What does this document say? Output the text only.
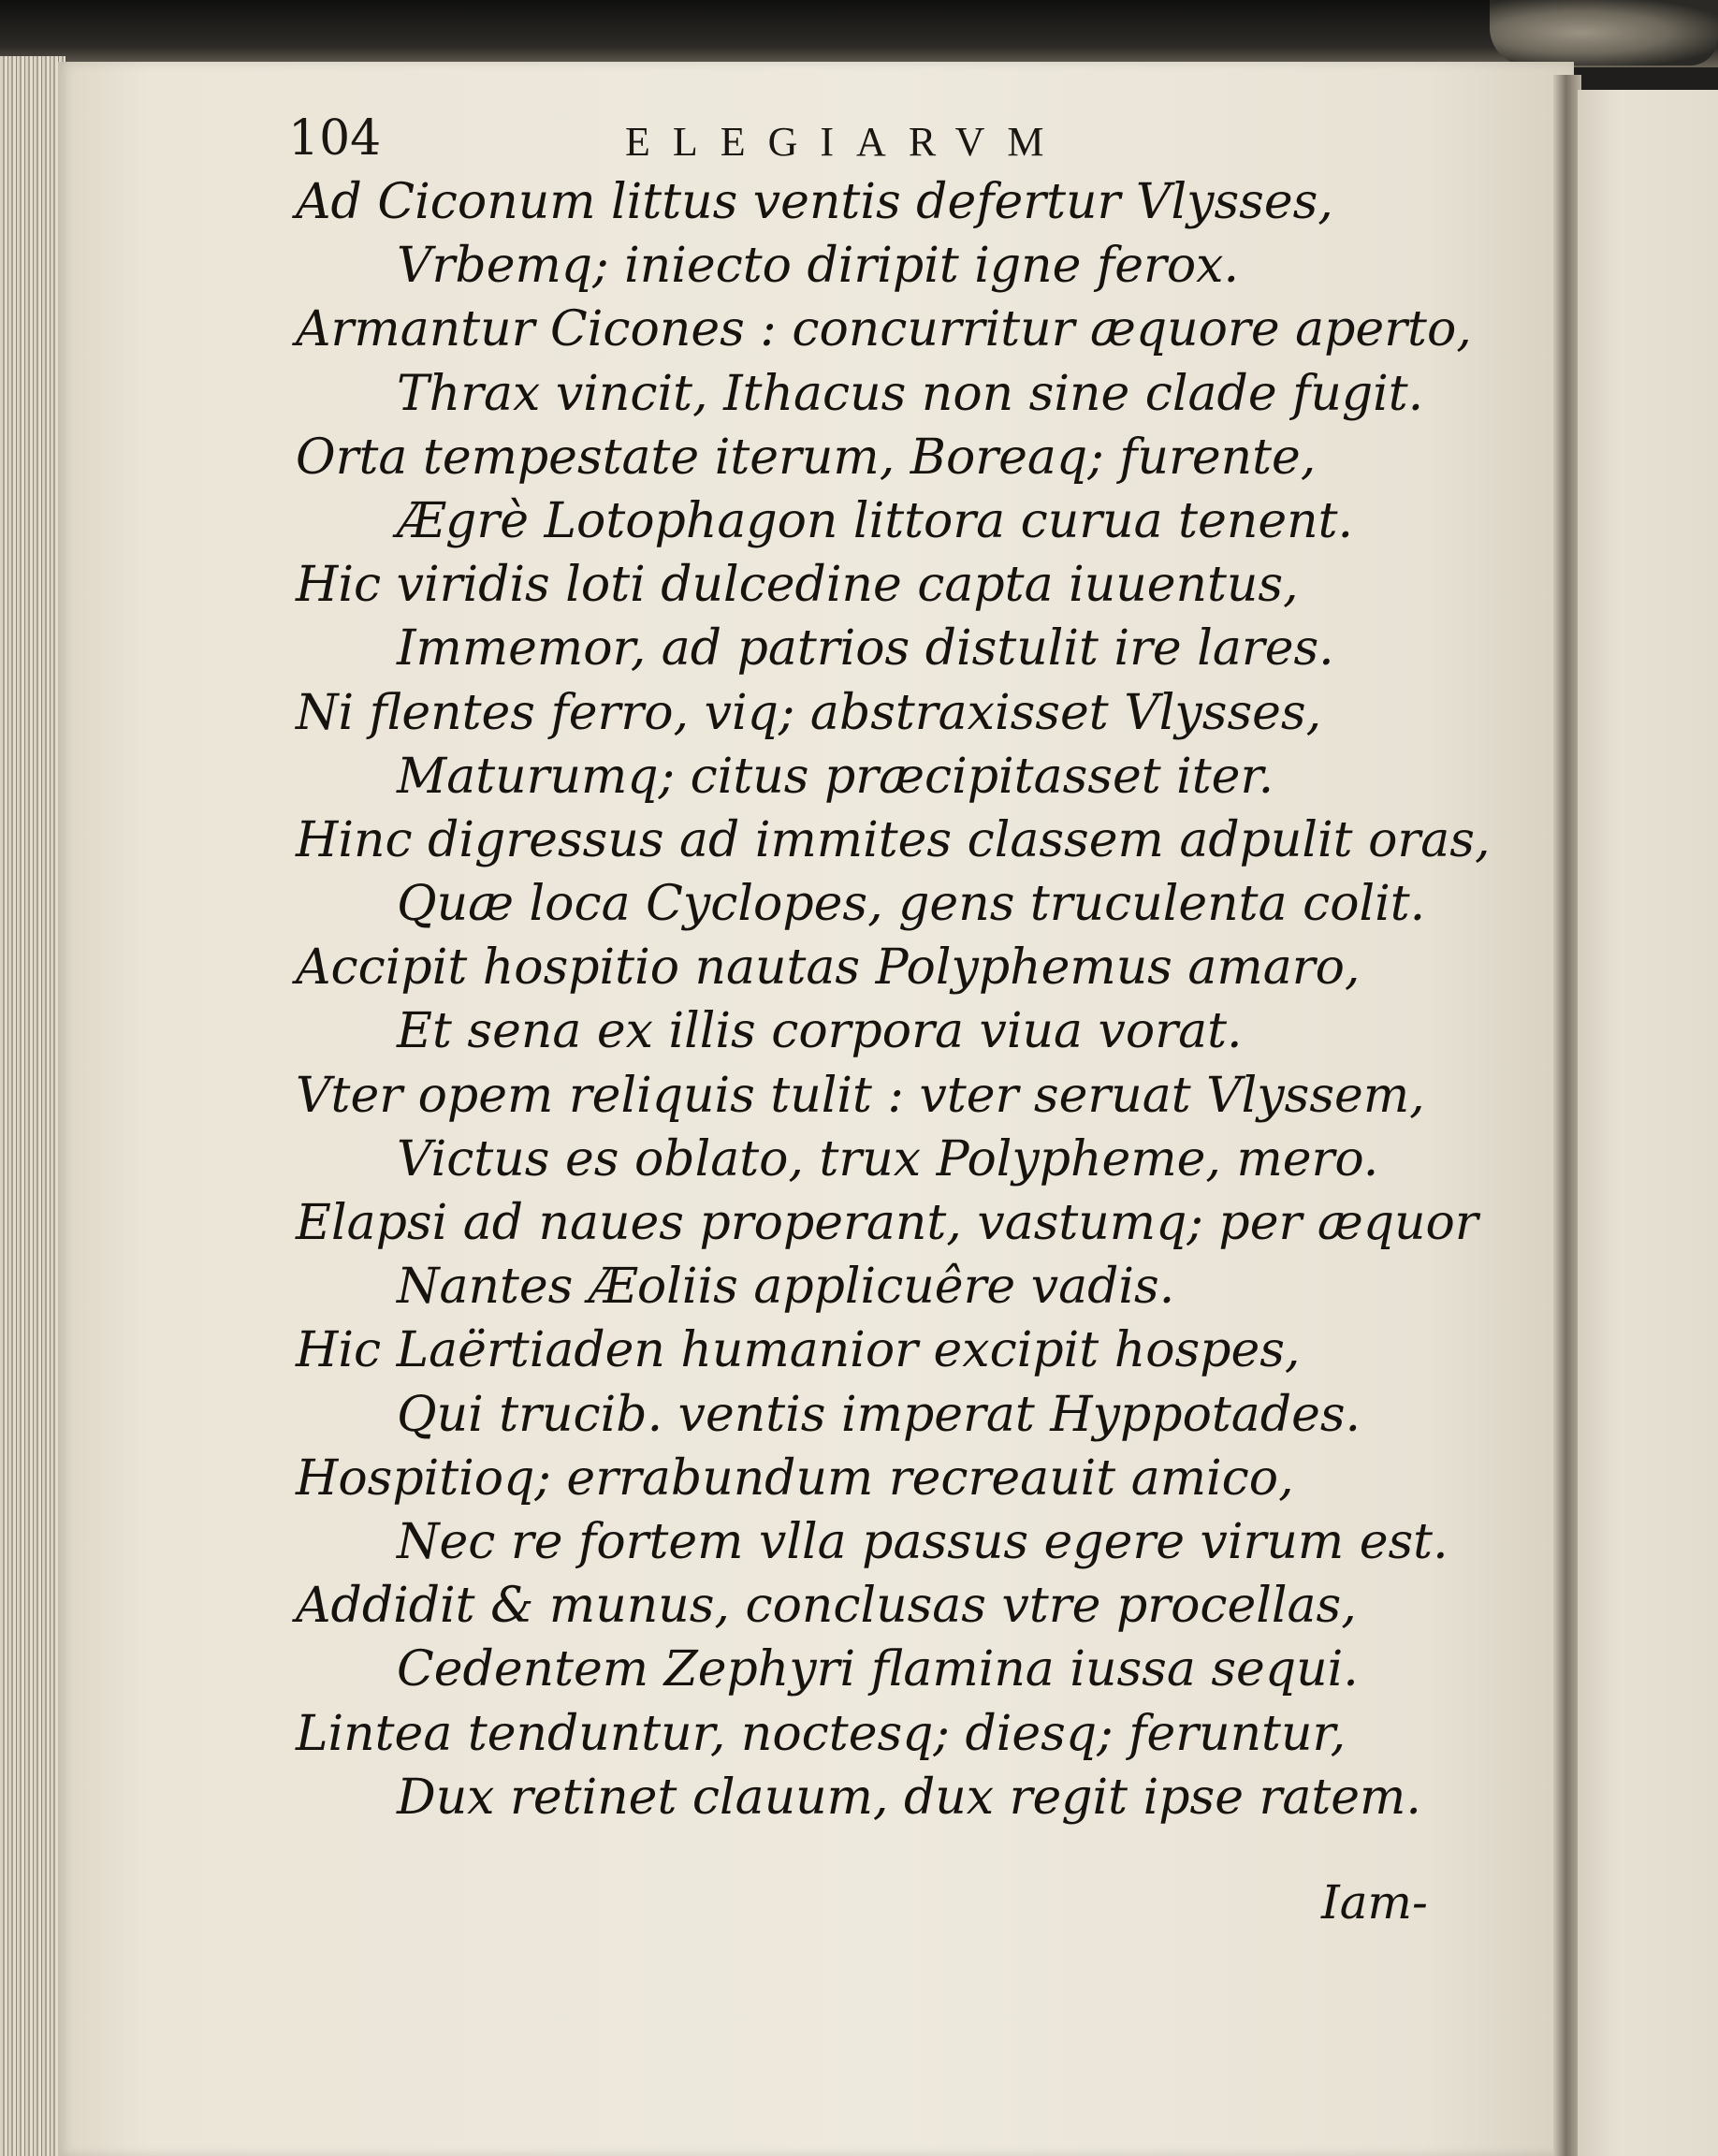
104	ELEGIARVM
Ad Ciconum littus ventis defertur Vlysses,
Vrbemq; iniecto diripit igne ferox.
Armantur Cicones : concurritur æquore aperto,
Thrax vincit, Ithacus non sine clade fugit.
Orta tempestate iterum, Boreaq; furente,
Ægrè Lotophagon littora curua tenent.
Hic viridis loti dulcedine capta iuuentus,
Immemor, ad patrios distulit ire lares.
Ni flentes ferro, viq; abstraxisset Vlysses,
Maturumq; citus præcipitasset iter.
Hinc digressus ad immites classem adpulit oras,
Quæ loca Cyclopes, gens truculenta colit.
Accipit hospitio nautas Polyphemus amaro,
Et sena ex illis corpora viua vorat.
Vter opem reliquis tulit : vter seruat Vlyssem,
Victus es oblato, trux Polypheme, mero.
Elapsi ad naues properant, vastumq; per æquor
Nantes Æoliis applicuêre vadis.
Hic Laërtiaden humanior excipit hospes,
Qui trucib. ventis imperat Hyppotades.
Hospitioq; errabundum recreauit amico,
Nec re fortem vlla passus egere virum est.
Addidit & munus, conclusas vtre procellas,
Cedentem Zephyri flamina iussa sequi.
Lintea tenduntur, noctesq; diesq; feruntur,
Dux retinet clauum, dux regit ipse ratem.
Iam-
